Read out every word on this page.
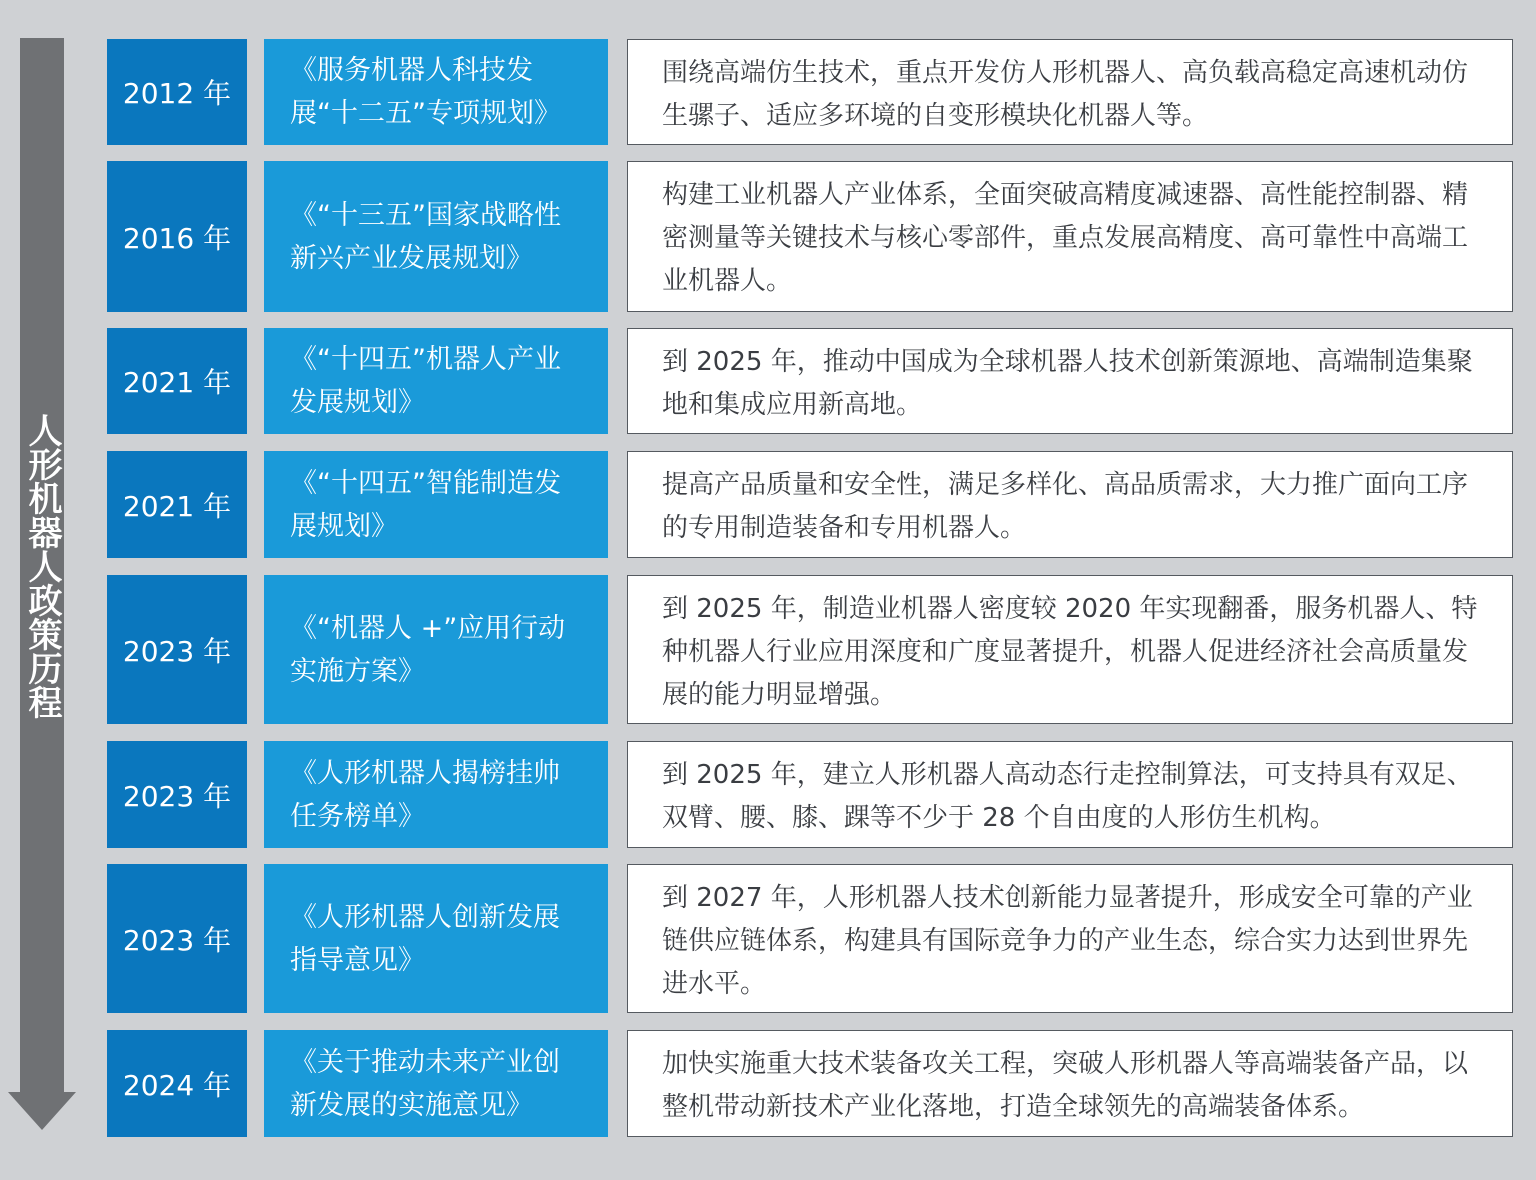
人形机器人政策历程
2012 年
《服务机器人科技发展“十二五”专项规划》
围绕高端仿生技术，重点开发仿人形机器人、高负载高稳定高速机动仿生骡子、适应多环境的自变形模块化机器人等。
2016 年
《“十三五”国家战略性新兴产业发展规划》
构建工业机器人产业体系，全面突破高精度减速器、高性能控制器、精密测量等关键技术与核心零部件，重点发展高精度、高可靠性中高端工业机器人。
2021 年
《“十四五”机器人产业发展规划》
到 2025 年，推动中国成为全球机器人技术创新策源地、高端制造集聚地和集成应用新高地。
2021 年
《“十四五”智能制造发展规划》
提高产品质量和安全性，满足多样化、高品质需求，大力推广面向工序的专用制造装备和专用机器人。
2023 年
《“机器人 +”应用行动实施方案》
到 2025 年，制造业机器人密度较 2020 年实现翻番，服务机器人、特种机器人行业应用深度和广度显著提升，机器人促进经济社会高质量发展的能力明显增强。
2023 年
《人形机器人揭榜挂帅任务榜单》
到 2025 年，建立人形机器人高动态行走控制算法，可支持具有双足、双臂、腰、膝、踝等不少于 28 个自由度的人形仿生机构。
2023 年
《人形机器人创新发展指导意见》
到 2027 年，人形机器人技术创新能力显著提升，形成安全可靠的产业链供应链体系，构建具有国际竞争力的产业生态，综合实力达到世界先进水平。
2024 年
《关于推动未来产业创新发展的实施意见》
加快实施重大技术装备攻关工程，突破人形机器人等高端装备产品，以整机带动新技术产业化落地，打造全球领先的高端装备体系。
